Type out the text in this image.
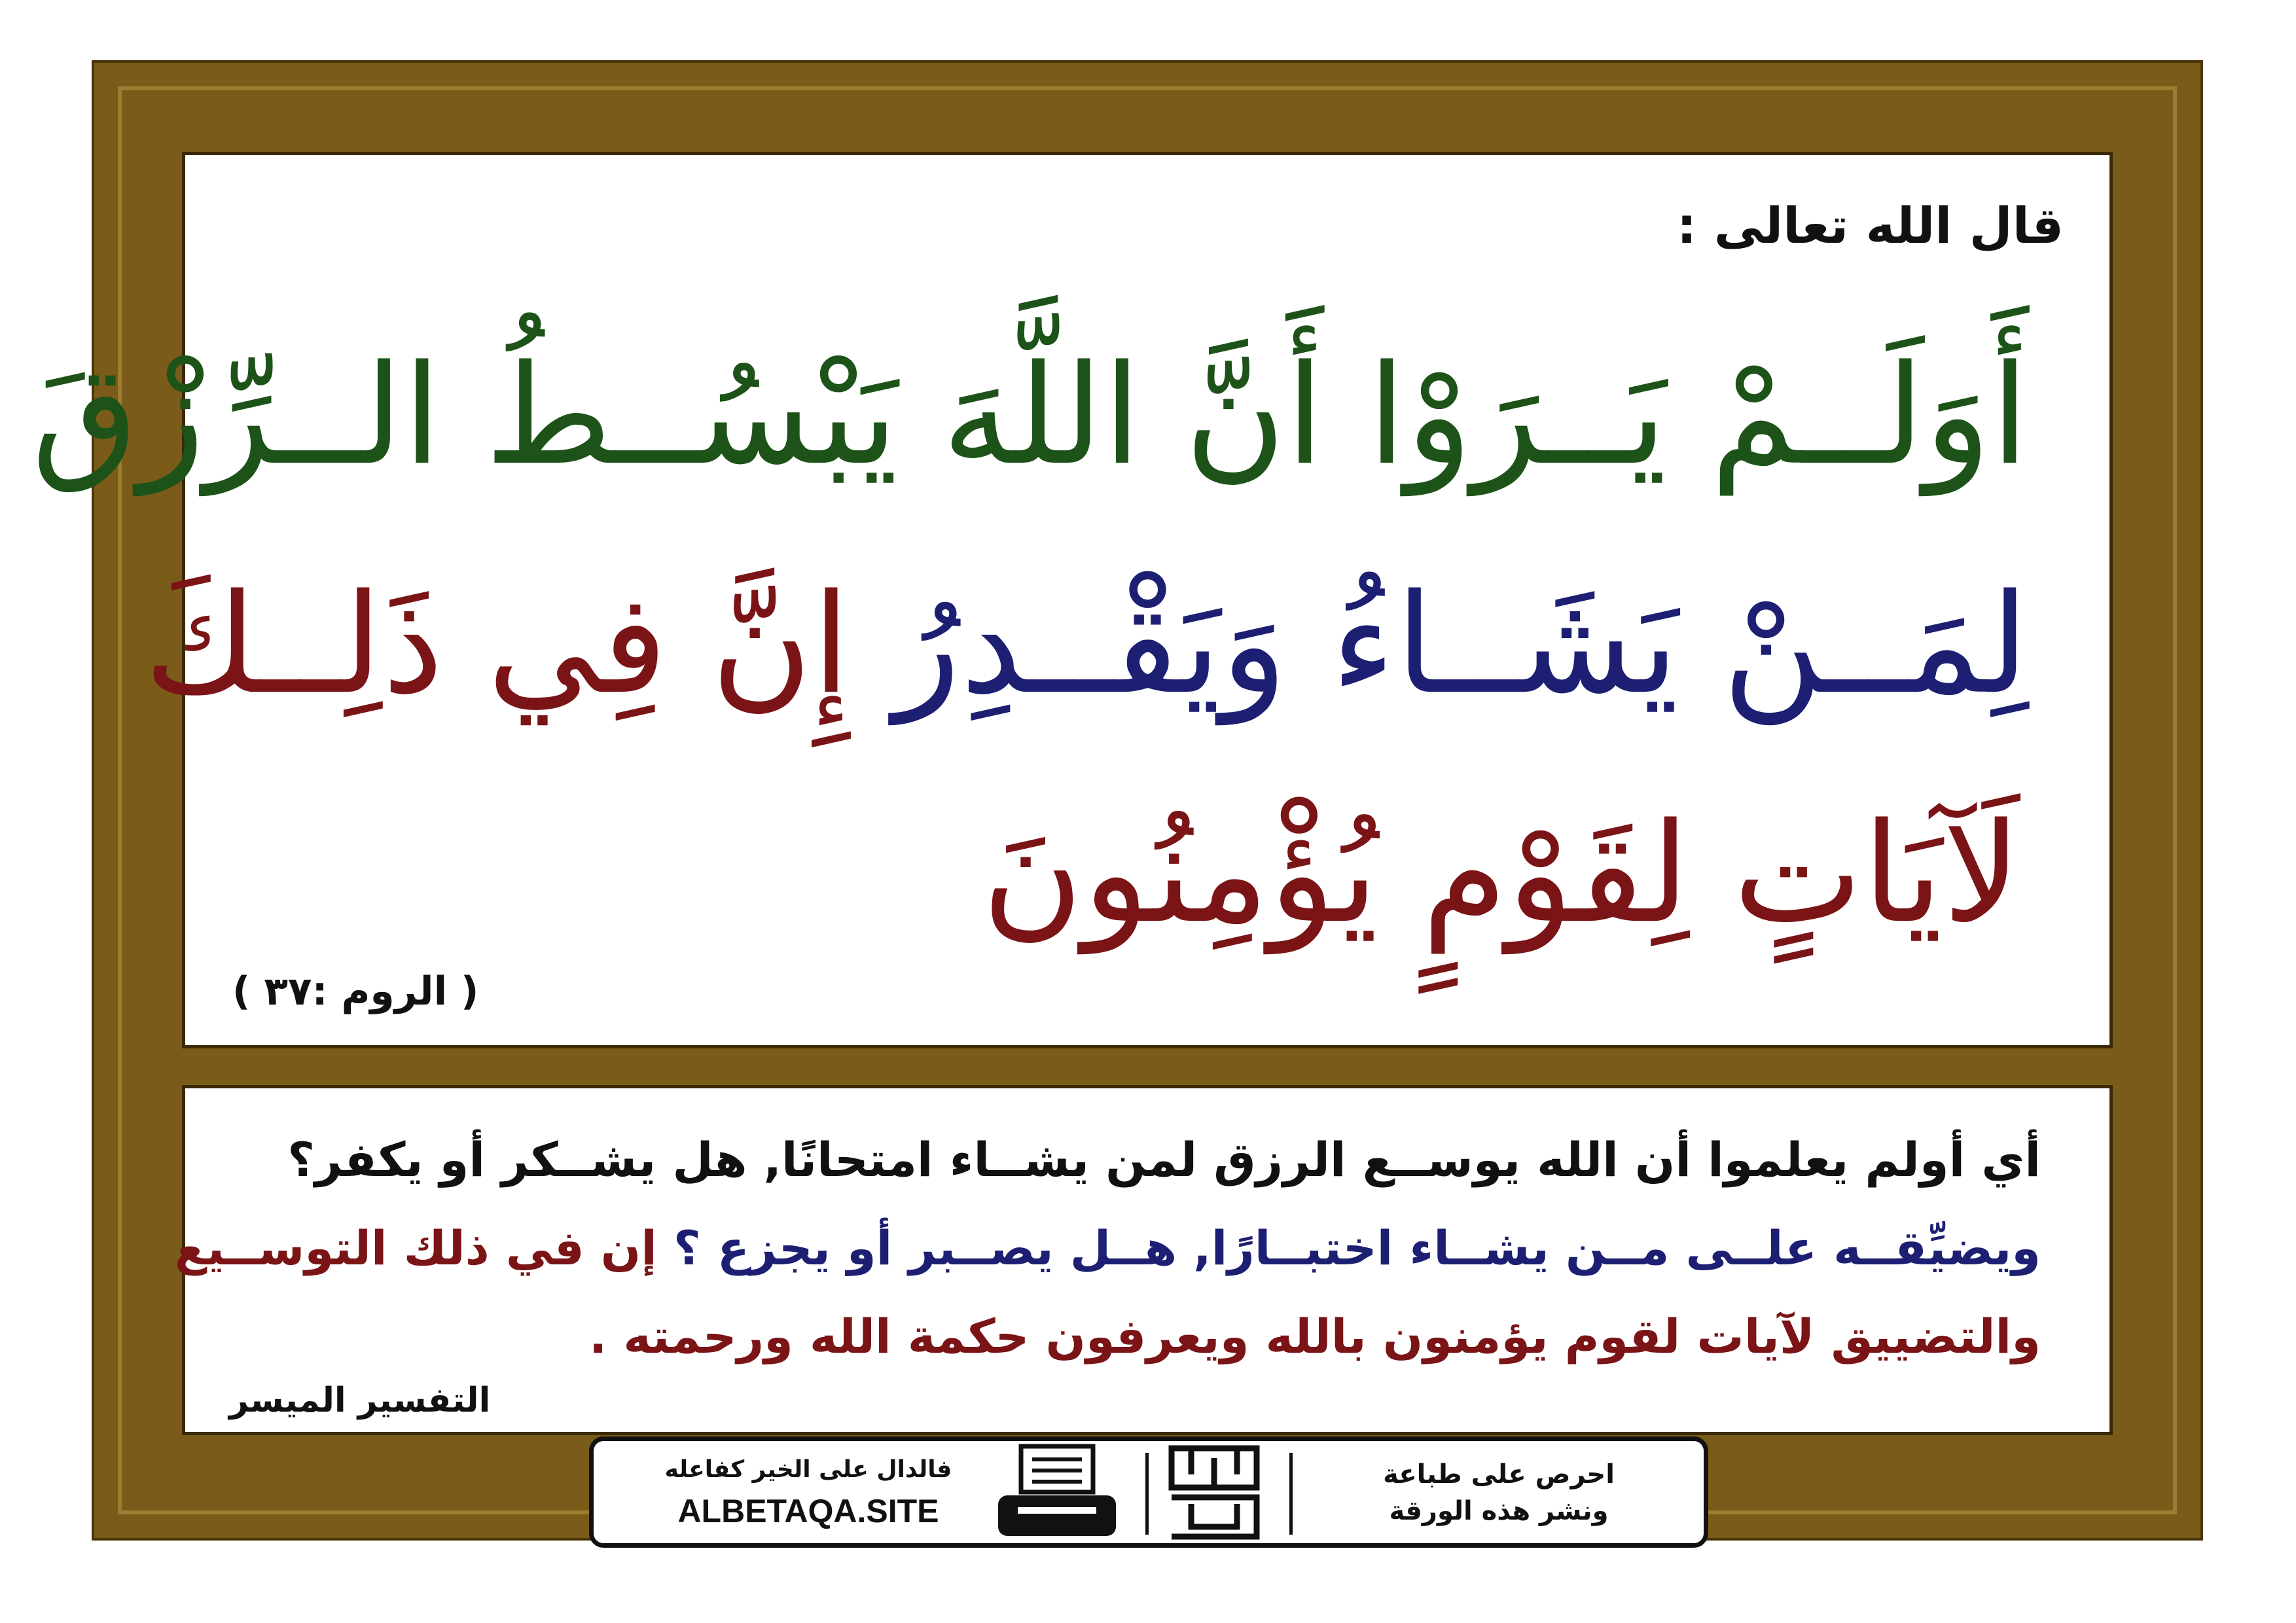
قال الله تعالى :
أَوَلَــمْ يَــرَوْا أَنَّ اللَّهَ يَبْسُــطُ الــرِّزْقَ
لِمَــنْ يَشَــاءُ وَيَقْــدِرُ إِنَّ فِي ذَلِــكَ
لَآيَاتٍ لِقَوْمٍ يُؤْمِنُونَ
( الروم :٣٧ )
أي أولم يعلموا أن الله يوســع الرزق لمن يشــاء امتحانًا, هل يشــكر أو يكفر؟
ويضيِّقــه علــى مــن يشــاء اختبــارًا, هــل يصــبر أو يجزع ؟ إن في ذلك التوســيع
والتضييق لآيات لقوم يؤمنون بالله ويعرفون حكمة الله ورحمته .
التفسير الميسر
فالدال على الخير كفاعله
ALBETAQA.SITE
احرص على طباعة
ونشر هذه الورقة
